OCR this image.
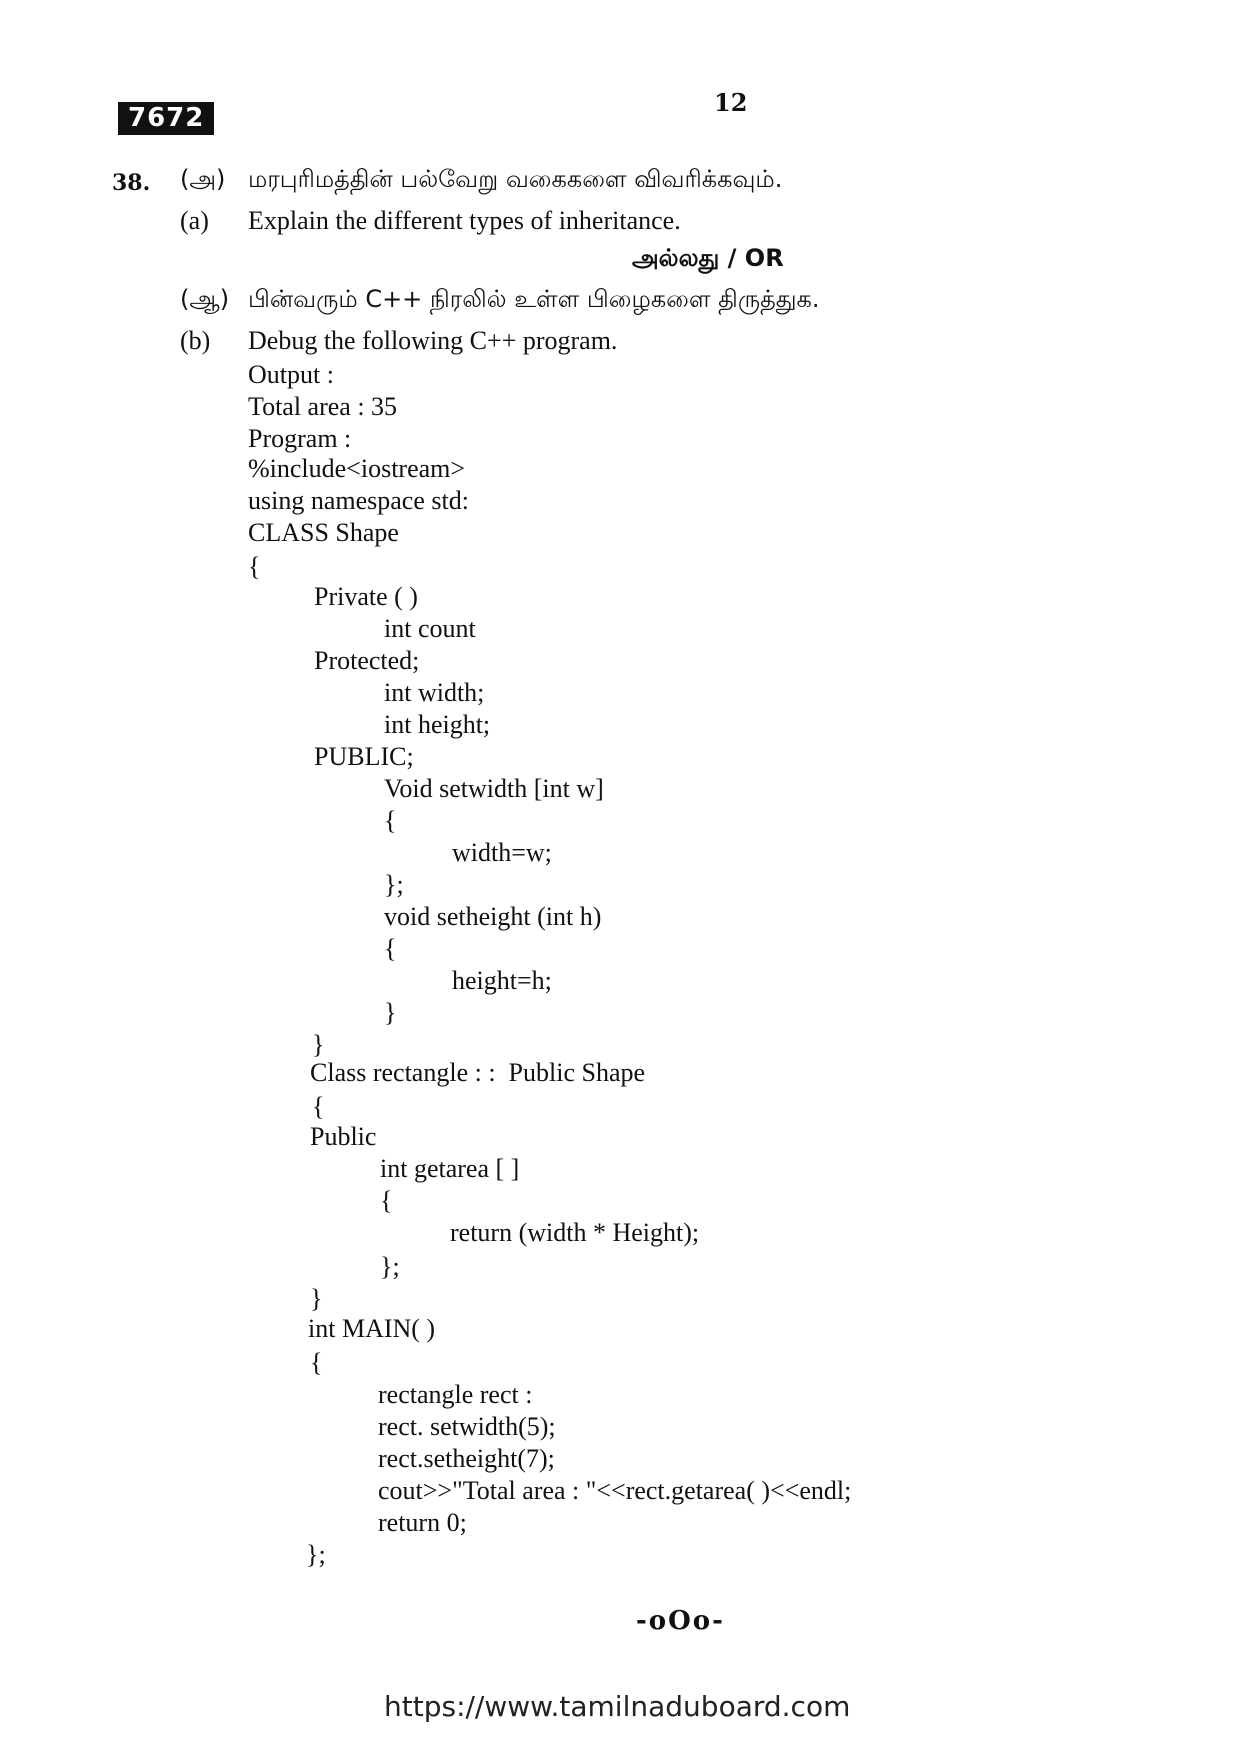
7672
12
38. (அ) மரபுரிமத்தின் பல்வேறு வகைகளை விவரிக்கவும்.
(a) Explain the different types of inheritance.
அல்லது / OR
(ஆ) பின்வரும் C++ நிரலில் உள்ள பிழைகளை திருத்துக.
(b) Debug the following C++ program.
Output :
Total area : 35
Program :
%include<iostream>
using namespace std:
CLASS Shape
{
Private ( )
int count
Protected;
int width;
int height;
PUBLIC;
Void setwidth [int w]
{
width=w;
};
void setheight (int h)
{
height=h;
}
}
Class rectangle : :  Public Shape
{
Public
int getarea [ ]
{
return (width * Height);
};
}
int MAIN( )
{
rectangle rect :
rect. setwidth(5);
rect.setheight(7);
cout>>"Total area : "<<rect.getarea( )<<endl;
return 0;
};
-oOo-
https://www.tamilnaduboard.com
